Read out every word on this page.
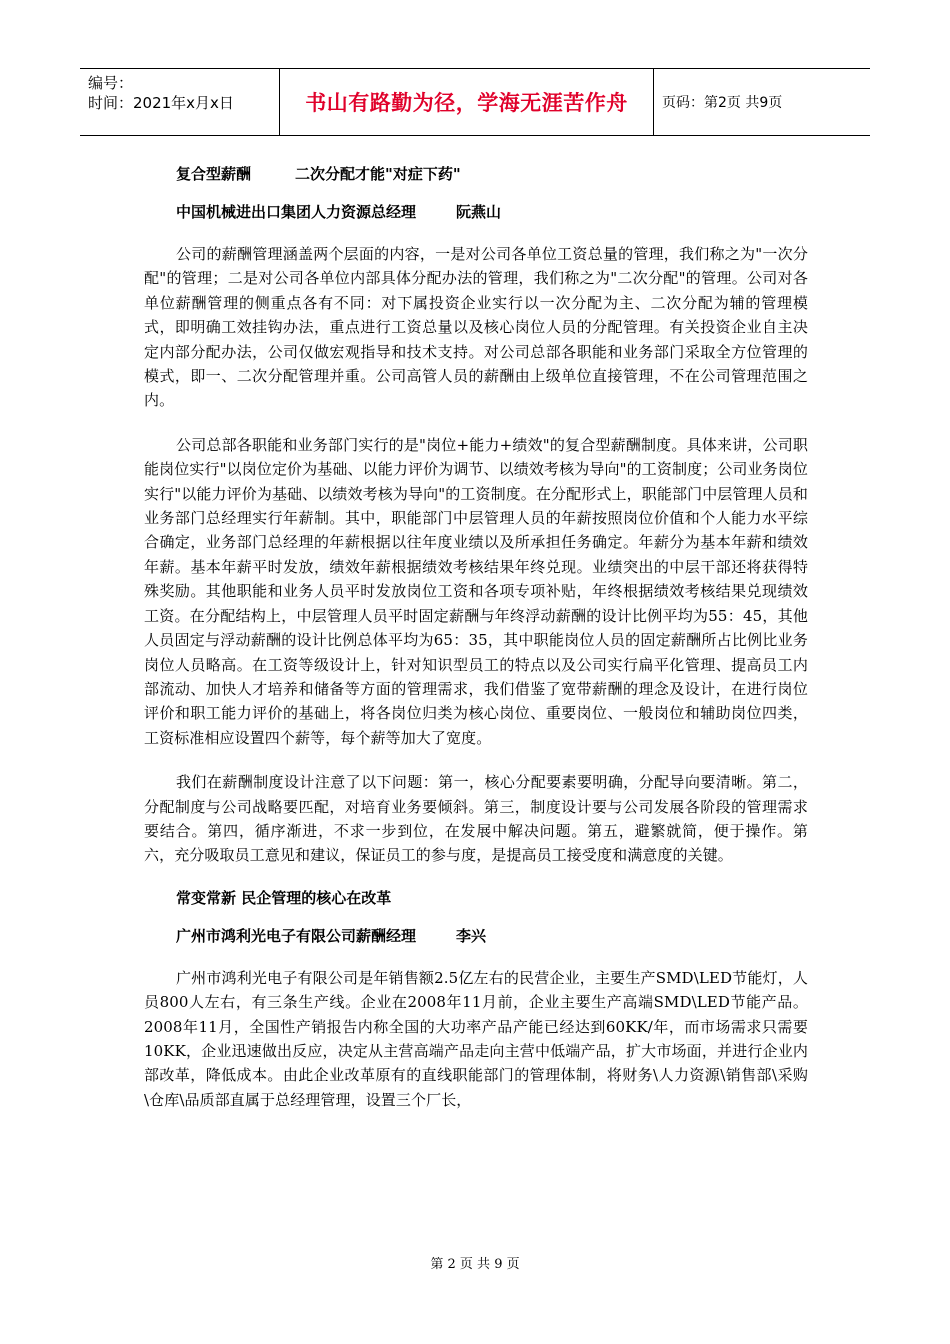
编号：
时间：2021年x月x日	书山有路勤为径，学海无涯苦作舟	页码：第2页 共9页
复合型薪酬	二次分配才能"对症下药"
中国机械进出口集团人力资源总经理	阮燕山

公司的薪酬管理涵盖两个层面的内容，一是对公司各单位工资总量的管理，我们称之为"一次分配"的管理；二是对公司各单位内部具体分配办法的管理，我们称之为"二次分配"的管理。公司对各单位薪酬管理的侧重点各有不同：对下属投资企业实行以一次分配为主、二次分配为辅的管理模式，即明确工效挂钩办法，重点进行工资总量以及核心岗位人员的分配管理。有关投资企业自主决定内部分配办法，公司仅做宏观指导和技术支持。对公司总部各职能和业务部门采取全方位管理的模式，即一、二次分配管理并重。公司高管人员的薪酬由上级单位直接管理，不在公司管理范围之内。

公司总部各职能和业务部门实行的是"岗位+能力+绩效"的复合型薪酬制度。具体来讲，公司职能岗位实行"以岗位定价为基础、以能力评价为调节、以绩效考核为导向"的工资制度；公司业务岗位实行"以能力评价为基础、以绩效考核为导向"的工资制度。在分配形式上，职能部门中层管理人员和业务部门总经理实行年薪制。其中，职能部门中层管理人员的年薪按照岗位价值和个人能力水平综合确定，业务部门总经理的年薪根据以往年度业绩以及所承担任务确定。年薪分为基本年薪和绩效年薪。基本年薪平时发放，绩效年薪根据绩效考核结果年终兑现。业绩突出的中层干部还将获得特殊奖励。其他职能和业务人员平时发放岗位工资和各项专项补贴，年终根据绩效考核结果兑现绩效工资。在分配结构上，中层管理人员平时固定薪酬与年终浮动薪酬的设计比例平均为55：45，其他人员固定与浮动薪酬的设计比例总体平均为65：35，其中职能岗位人员的固定薪酬所占比例比业务岗位人员略高。在工资等级设计上，针对知识型员工的特点以及公司实行扁平化管理、提高员工内部流动、加快人才培养和储备等方面的管理需求，我们借鉴了宽带薪酬的理念及设计，在进行岗位评价和职工能力评价的基础上，将各岗位归类为核心岗位、重要岗位、一般岗位和辅助岗位四类，工资标准相应设置四个薪等，每个薪等加大了宽度。

我们在薪酬制度设计注意了以下问题：第一，核心分配要素要明确，分配导向要清晰。第二，分配制度与公司战略要匹配，对培育业务要倾斜。第三，制度设计要与公司发展各阶段的管理需求要结合。第四，循序渐进，不求一步到位，在发展中解决问题。第五，避繁就简，便于操作。第六，充分吸取员工意见和建议，保证员工的参与度，是提高员工接受度和满意度的关键。

常变常新 民企管理的核心在改革
广州市鸿利光电子有限公司薪酬经理	李兴

广州市鸿利光电子有限公司是年销售额2.5亿左右的民营企业，主要生产SMD\LED节能灯，人员800人左右，有三条生产线。企业在2008年11月前，企业主要生产高端SMD\LED节能产品。2008年11月，全国性产销报告内称全国的大功率产品产能已经达到60KK/年，而市场需求只需要10KK，企业迅速做出反应，决定从主营高端产品走向主营中低端产品，扩大市场面，并进行企业内部改革，降低成本。由此企业改革原有的直线职能部门的管理体制，将财务\人力资源\销售部\采购\仓库\品质部直属于总经理管理，设置三个厂长，

第 2 页 共 9 页
